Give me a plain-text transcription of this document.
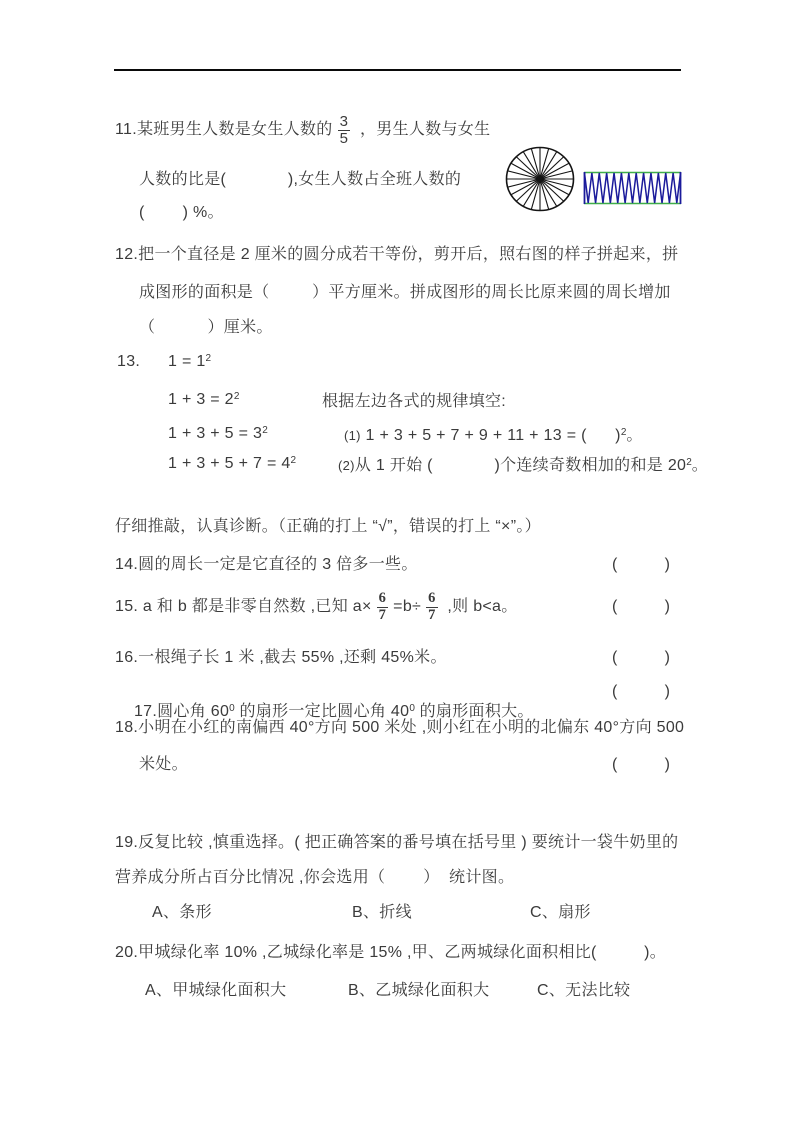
11.某班男生人数是女生人数的 $\frac{3}{5}$ ，男生人数与女生
人数的比是(             ),女生人数占全班人数的
(        ) %。
12.把一个直径是 2 厘米的圆分成若干等份，剪开后，照右图的样子拼起来，拼
成图形的面积是（         ）平方厘米。拼成图形的周长比原来圆的周长增加
（           ）厘米。
13. $1 = 1^2$
$1 + 3 = 2^2$	根据左边各式的规律填空:
$1 + 3 + 5 = 3^2$	(1) 1 + 3 + 5 + 7 + 9 + 11 + 13 = (      )$^2$。
$1 + 3 + 5 + 7 = 4^2$	(2)从 1 开始 (             )个连续奇数相加的和是 $20^2$。
仔细推敲，认真诊断。（正确的打上 “√”，错误的打上 “×”。）
14.圆的周长一定是它直径的 3 倍多一些。	(	)
15. a 和 b 都是非零自然数 ,已知 $a\times \frac{6}{7} =b\div \frac{6}{7}$ ,则 b<a。	(	)
16.一根绳子长 1 米 ,截去 55% ,还剩 45%米。	(	)

17.圆心角 $60^0$ 的扇形一定比圆心角 $40^0$ 的扇形面积大。

(	)
18.小明在小红的南偏西 40°方向 500 米处 ,则小红在小明的北偏东 40°方向 500
米处。	(	)
19.反复比较 ,慎重选择。( 把正确答案的番号填在括号里 ) 要统计一袋牛奶里的
营养成分所占百分比情况 ,你会选用（        ）  统计图。
A、条形	B、折线	C、扇形
20.甲城绿化率 10% ,乙城绿化率是 15% ,甲、乙两城绿化面积相比(          )。
A、甲城绿化面积大	B、乙城绿化面积大	C、无法比较
